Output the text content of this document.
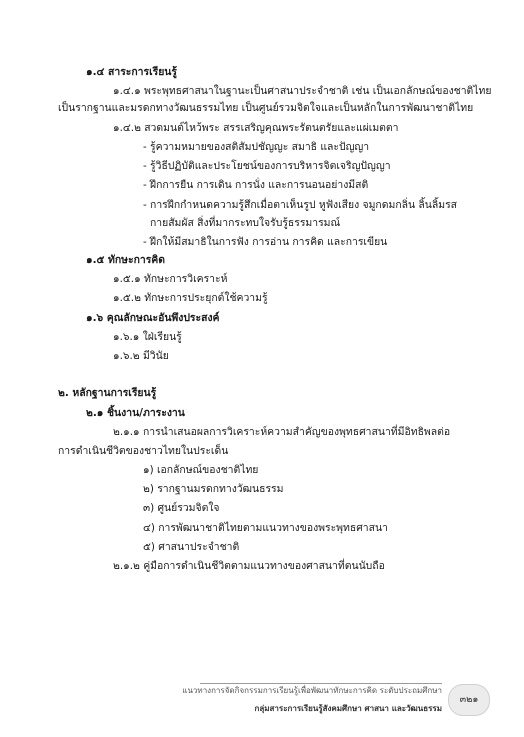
๑.๔ สาระการเรียนรู้
๑.๔.๑ พระพุทธศาสนาในฐานะเป็นศาสนาประจำชาติ เช่น เป็นเอกลักษณ์ของชาติไทย
เป็นรากฐานและมรดกทางวัฒนธรรมไทย เป็นศูนย์รวมจิตใจและเป็นหลักในการพัฒนาชาติไทย
๑.๔.๒ สวดมนต์ไหว้พระ สรรเสริญคุณพระรัตนตรัยและแผ่เมตตา
- รู้ความหมายของสติสัมปชัญญะ สมาธิ และปัญญา
- รู้วิธีปฏิบัติและประโยชน์ของการบริหารจิตเจริญปัญญา
- ฝึกการยืน การเดิน การนั่ง และการนอนอย่างมีสติ
- การฝึกกำหนดความรู้สึกเมื่อตาเห็นรูป หูฟังเสียง จมูกดมกลิ่น ลิ้นลิ้มรส
กายสัมผัส สิ่งที่มากระทบใจรับรู้ธรรมารมณ์
- ฝึกให้มีสมาธิในการฟัง การอ่าน การคิด และการเขียน
๑.๕ ทักษะการคิด
๑.๕.๑ ทักษะการวิเคราะห์
๑.๕.๒ ทักษะการประยุกต์ใช้ความรู้
๑.๖ คุณลักษณะอันพึงประสงค์
๑.๖.๑ ใฝ่เรียนรู้
๑.๖.๒ มีวินัย
๒. หลักฐานการเรียนรู้
๒.๑ ชิ้นงาน/ภาระงาน
๒.๑.๑ การนำเสนอผลการวิเคราะห์ความสำคัญของพุทธศาสนาที่มีอิทธิพลต่อ
การดำเนินชีวิตของชาวไทยในประเด็น
๑) เอกลักษณ์ของชาติไทย
๒) รากฐานมรดกทางวัฒนธรรม
๓) ศูนย์รวมจิตใจ
๔) การพัฒนาชาติไทยตามแนวทางของพระพุทธศาสนา
๕) ศาสนาประจำชาติ
๒.๑.๒ คู่มือการดำเนินชีวิตตามแนวทางของศาสนาที่ตนนับถือ
แนวทางการจัดกิจกรรมการเรียนรู้เพื่อพัฒนาทักษะการคิด ระดับประถมศึกษา
กลุ่มสาระการเรียนรู้สังคมศึกษา ศาสนา และวัฒนธรรม
๓๒๑
